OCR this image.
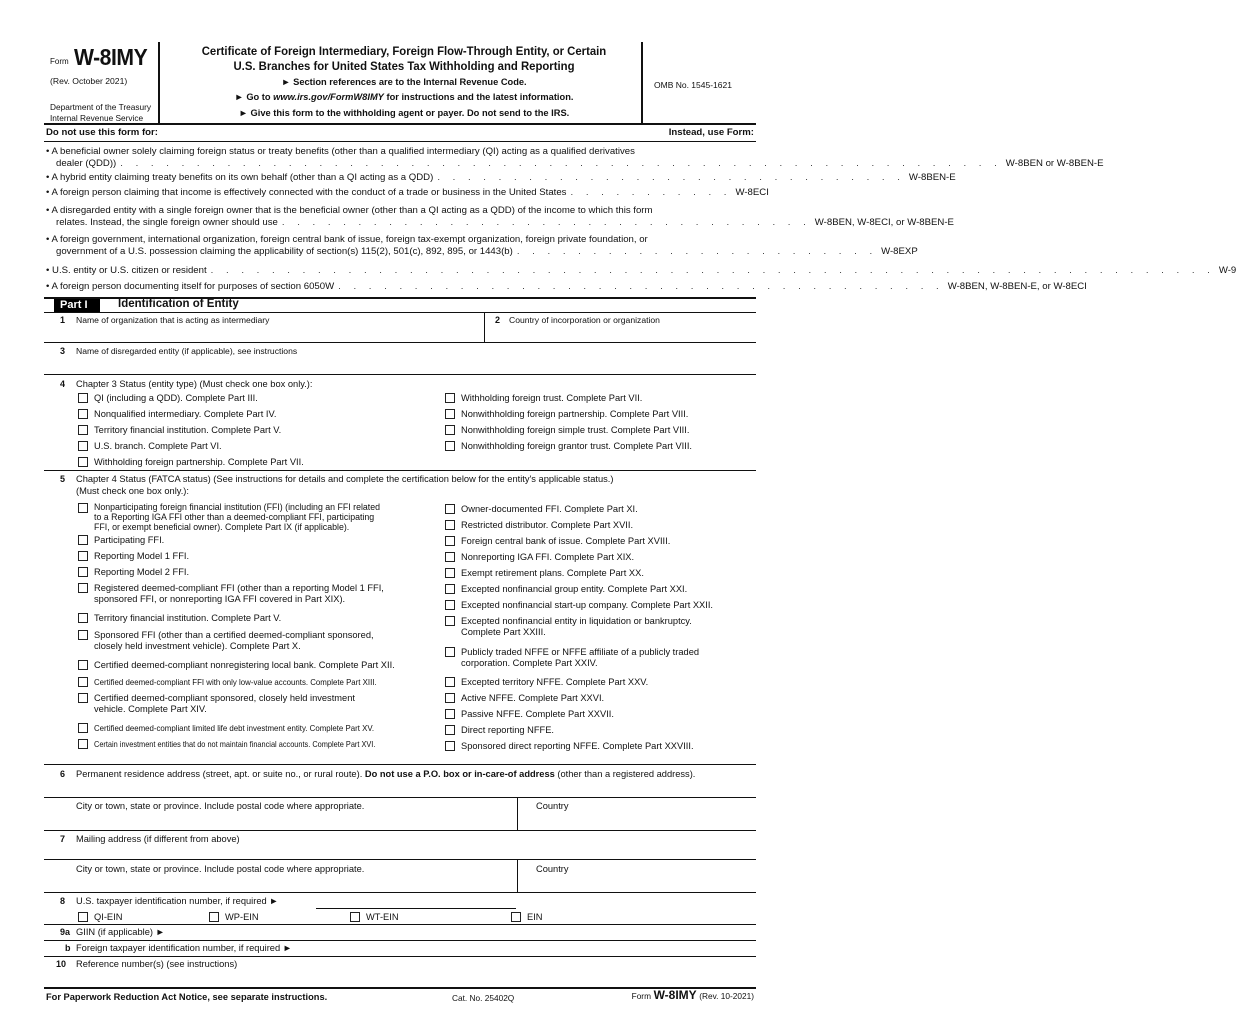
Form W-8IMY
(Rev. October 2021)
Department of the Treasury
Internal Revenue Service
Certificate of Foreign Intermediary, Foreign Flow-Through Entity, or Certain
U.S. Branches for United States Tax Withholding and Reporting
► Section references are to the Internal Revenue Code.
► Go to www.irs.gov/FormW8IMY for instructions and the latest information.
► Give this form to the withholding agent or payer. Do not send to the IRS.
OMB No. 1545-1621
Do not use this form for:	Instead, use Form:
• A beneficial owner solely claiming foreign status or treaty benefits (other than a qualified intermediary (QI) acting as a qualified derivatives
dealer (QDD)) . . . . . . . . . . . . . . . . . . . . . . . . . . . . . . . . . . . . . . . . . . . . . . . . . . . . . . . . . . W-8BEN or W-8BEN-E
• A hybrid entity claiming treaty benefits on its own behalf (other than a QI acting as a QDD) . . . . . . . . . . . . . . . . . . . . . . . . . . . . . . . W-8BEN-E
• A foreign person claiming that income is effectively connected with the conduct of a trade or business in the United States . . . . . . . . . . . W-8ECI
• A disregarded entity with a single foreign owner that is the beneficial owner (other than a QI acting as a QDD) of the income to which this form
relates. Instead, the single foreign owner should use . . . . . . . . . . . . . . . . . . . . . . . . . . . . . . . . . . . W-8BEN, W-8ECI, or W-8BEN-E
• A foreign government, international organization, foreign central bank of issue, foreign tax-exempt organization, foreign private foundation, or
government of a U.S. possession claiming the applicability of section(s) 115(2), 501(c), 892, 895, or 1443(b) . . . . . . . . . . . . . . . . . . . . . . . . W-8EXP
• U.S. entity or U.S. citizen or resident . . . . . . . . . . . . . . . . . . . . . . . . . . . . . . . . . . . . . . . . . . . . . . . . . . . . . . . . . . . . . . . . . . W-9
• A foreign person documenting itself for purposes of section 6050W . . . . . . . . . . . . . . . . . . . . . . . . . . . . . . . . . . . . . . . . W-8BEN, W-8BEN-E, or W-8ECI
Part I	Identification of Entity
1 Name of organization that is acting as intermediary	2 Country of incorporation or organization
3 Name of disregarded entity (if applicable), see instructions
4 Chapter 3 Status (entity type) (Must check one box only.):
QI (including a QDD). Complete Part III.
Nonqualified intermediary. Complete Part IV.
Territory financial institution. Complete Part V.
U.S. branch. Complete Part VI.
Withholding foreign partnership. Complete Part VII.
Withholding foreign trust. Complete Part VII.
Nonwithholding foreign partnership. Complete Part VIII.
Nonwithholding foreign simple trust. Complete Part VIII.
Nonwithholding foreign grantor trust. Complete Part VIII.
5 Chapter 4 Status (FATCA status) (See instructions for details and complete the certification below for the entity's applicable status.)
(Must check one box only.):
Nonparticipating foreign financial institution (FFI) (including an FFI related
to a Reporting IGA FFI other than a deemed-compliant FFI, participating
FFI, or exempt beneficial owner). Complete Part IX (if applicable).
Participating FFI.
Reporting Model 1 FFI.
Reporting Model 2 FFI.
Registered deemed-compliant FFI (other than a reporting Model 1 FFI,
sponsored FFI, or nonreporting IGA FFI covered in Part XIX).
Territory financial institution. Complete Part V.
Sponsored FFI (other than a certified deemed-compliant sponsored,
closely held investment vehicle). Complete Part X.
Certified deemed-compliant nonregistering local bank. Complete Part XII.
Certified deemed-compliant FFI with only low-value accounts. Complete Part XIII.
Certified deemed-compliant sponsored, closely held investment
vehicle. Complete Part XIV.
Certified deemed-compliant limited life debt investment entity. Complete Part XV.
Certain investment entities that do not maintain financial accounts. Complete Part XVI.
Owner-documented FFI. Complete Part XI.
Restricted distributor. Complete Part XVII.
Foreign central bank of issue. Complete Part XVIII.
Nonreporting IGA FFI. Complete Part XIX.
Exempt retirement plans. Complete Part XX.
Excepted nonfinancial group entity. Complete Part XXI.
Excepted nonfinancial start-up company. Complete Part XXII.
Excepted nonfinancial entity in liquidation or bankruptcy.
Complete Part XXIII.
Publicly traded NFFE or NFFE affiliate of a publicly traded
corporation. Complete Part XXIV.
Excepted territory NFFE. Complete Part XXV.
Active NFFE. Complete Part XXVI.
Passive NFFE. Complete Part XXVII.
Direct reporting NFFE.
Sponsored direct reporting NFFE. Complete Part XXVIII.
6 Permanent residence address (street, apt. or suite no., or rural route). Do not use a P.O. box or in-care-of address (other than a registered address).
City or town, state or province. Include postal code where appropriate.	Country
7 Mailing address (if different from above)
City or town, state or province. Include postal code where appropriate.	Country
8 U.S. taxpayer identification number, if required ►
QI-EIN	WP-EIN	WT-EIN	EIN
9a GIIN (if applicable) ►
b Foreign taxpayer identification number, if required ►
10 Reference number(s) (see instructions)
For Paperwork Reduction Act Notice, see separate instructions.	Cat. No. 25402Q	Form W-8IMY (Rev. 10-2021)
